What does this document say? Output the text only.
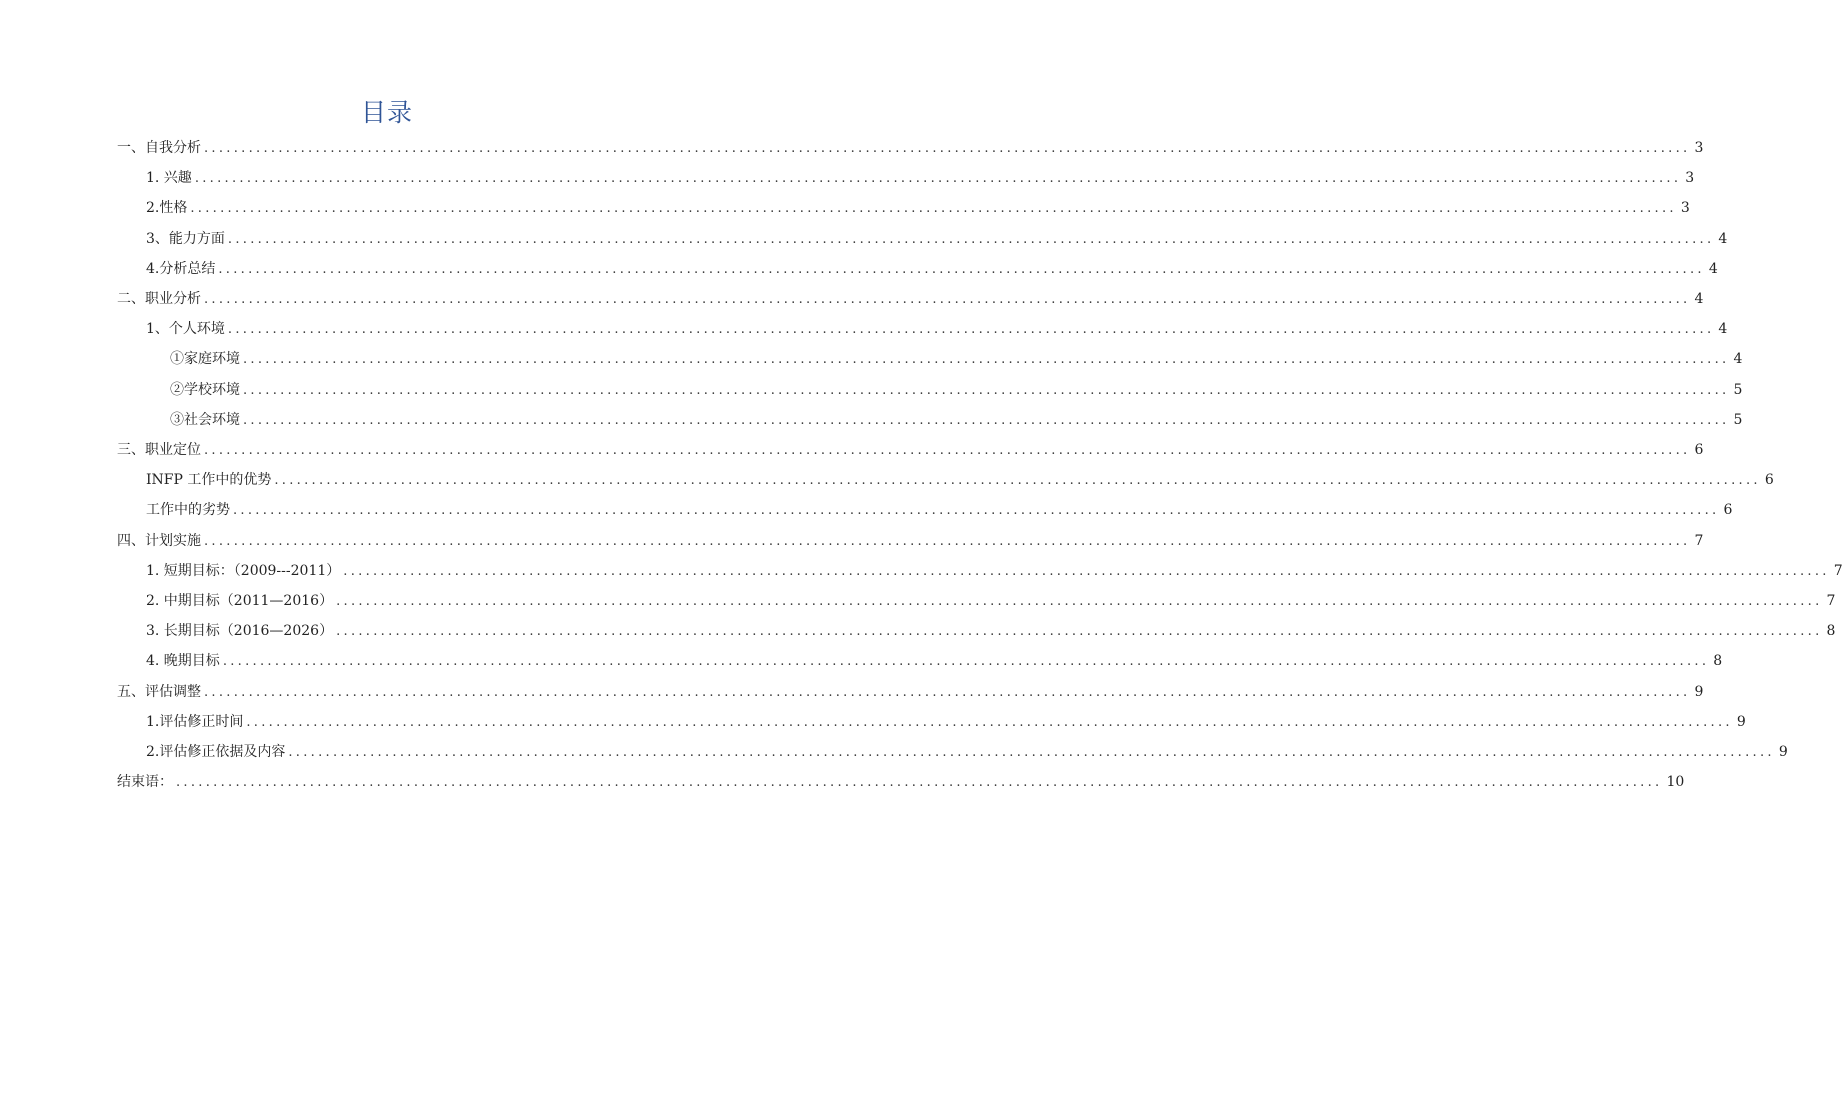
目录
一、自我分析 ........................................................................................................................................................................................................ 3
1. 兴趣 ........................................................................................................................................................................................................ 3
2.性格 ........................................................................................................................................................................................................ 3
3、能力方面 ........................................................................................................................................................................................................ 4
4.分析总结 ........................................................................................................................................................................................................ 4
二、职业分析 ........................................................................................................................................................................................................ 4
1、个人环境 ........................................................................................................................................................................................................ 4
①家庭环境 ........................................................................................................................................................................................................ 4
②学校环境 ........................................................................................................................................................................................................ 5
③社会环境 ........................................................................................................................................................................................................ 5
三、职业定位 ........................................................................................................................................................................................................ 6
INFP 工作中的优势 ........................................................................................................................................................................................................ 6
工作中的劣势 ........................................................................................................................................................................................................ 6
四、计划实施 ........................................................................................................................................................................................................ 7
1. 短期目标：（2009---2011） ........................................................................................................................................................................................................ 7
2. 中期目标（2011—2016） ........................................................................................................................................................................................................ 7
3. 长期目标（2016—2026） ........................................................................................................................................................................................................ 8
4. 晚期目标 ........................................................................................................................................................................................................ 8
五、评估调整 ........................................................................................................................................................................................................ 9
1.评估修正时间 ........................................................................................................................................................................................................ 9
2.评估修正依据及内容 ........................................................................................................................................................................................................ 9
结束语： ........................................................................................................................................................................................................ 10
